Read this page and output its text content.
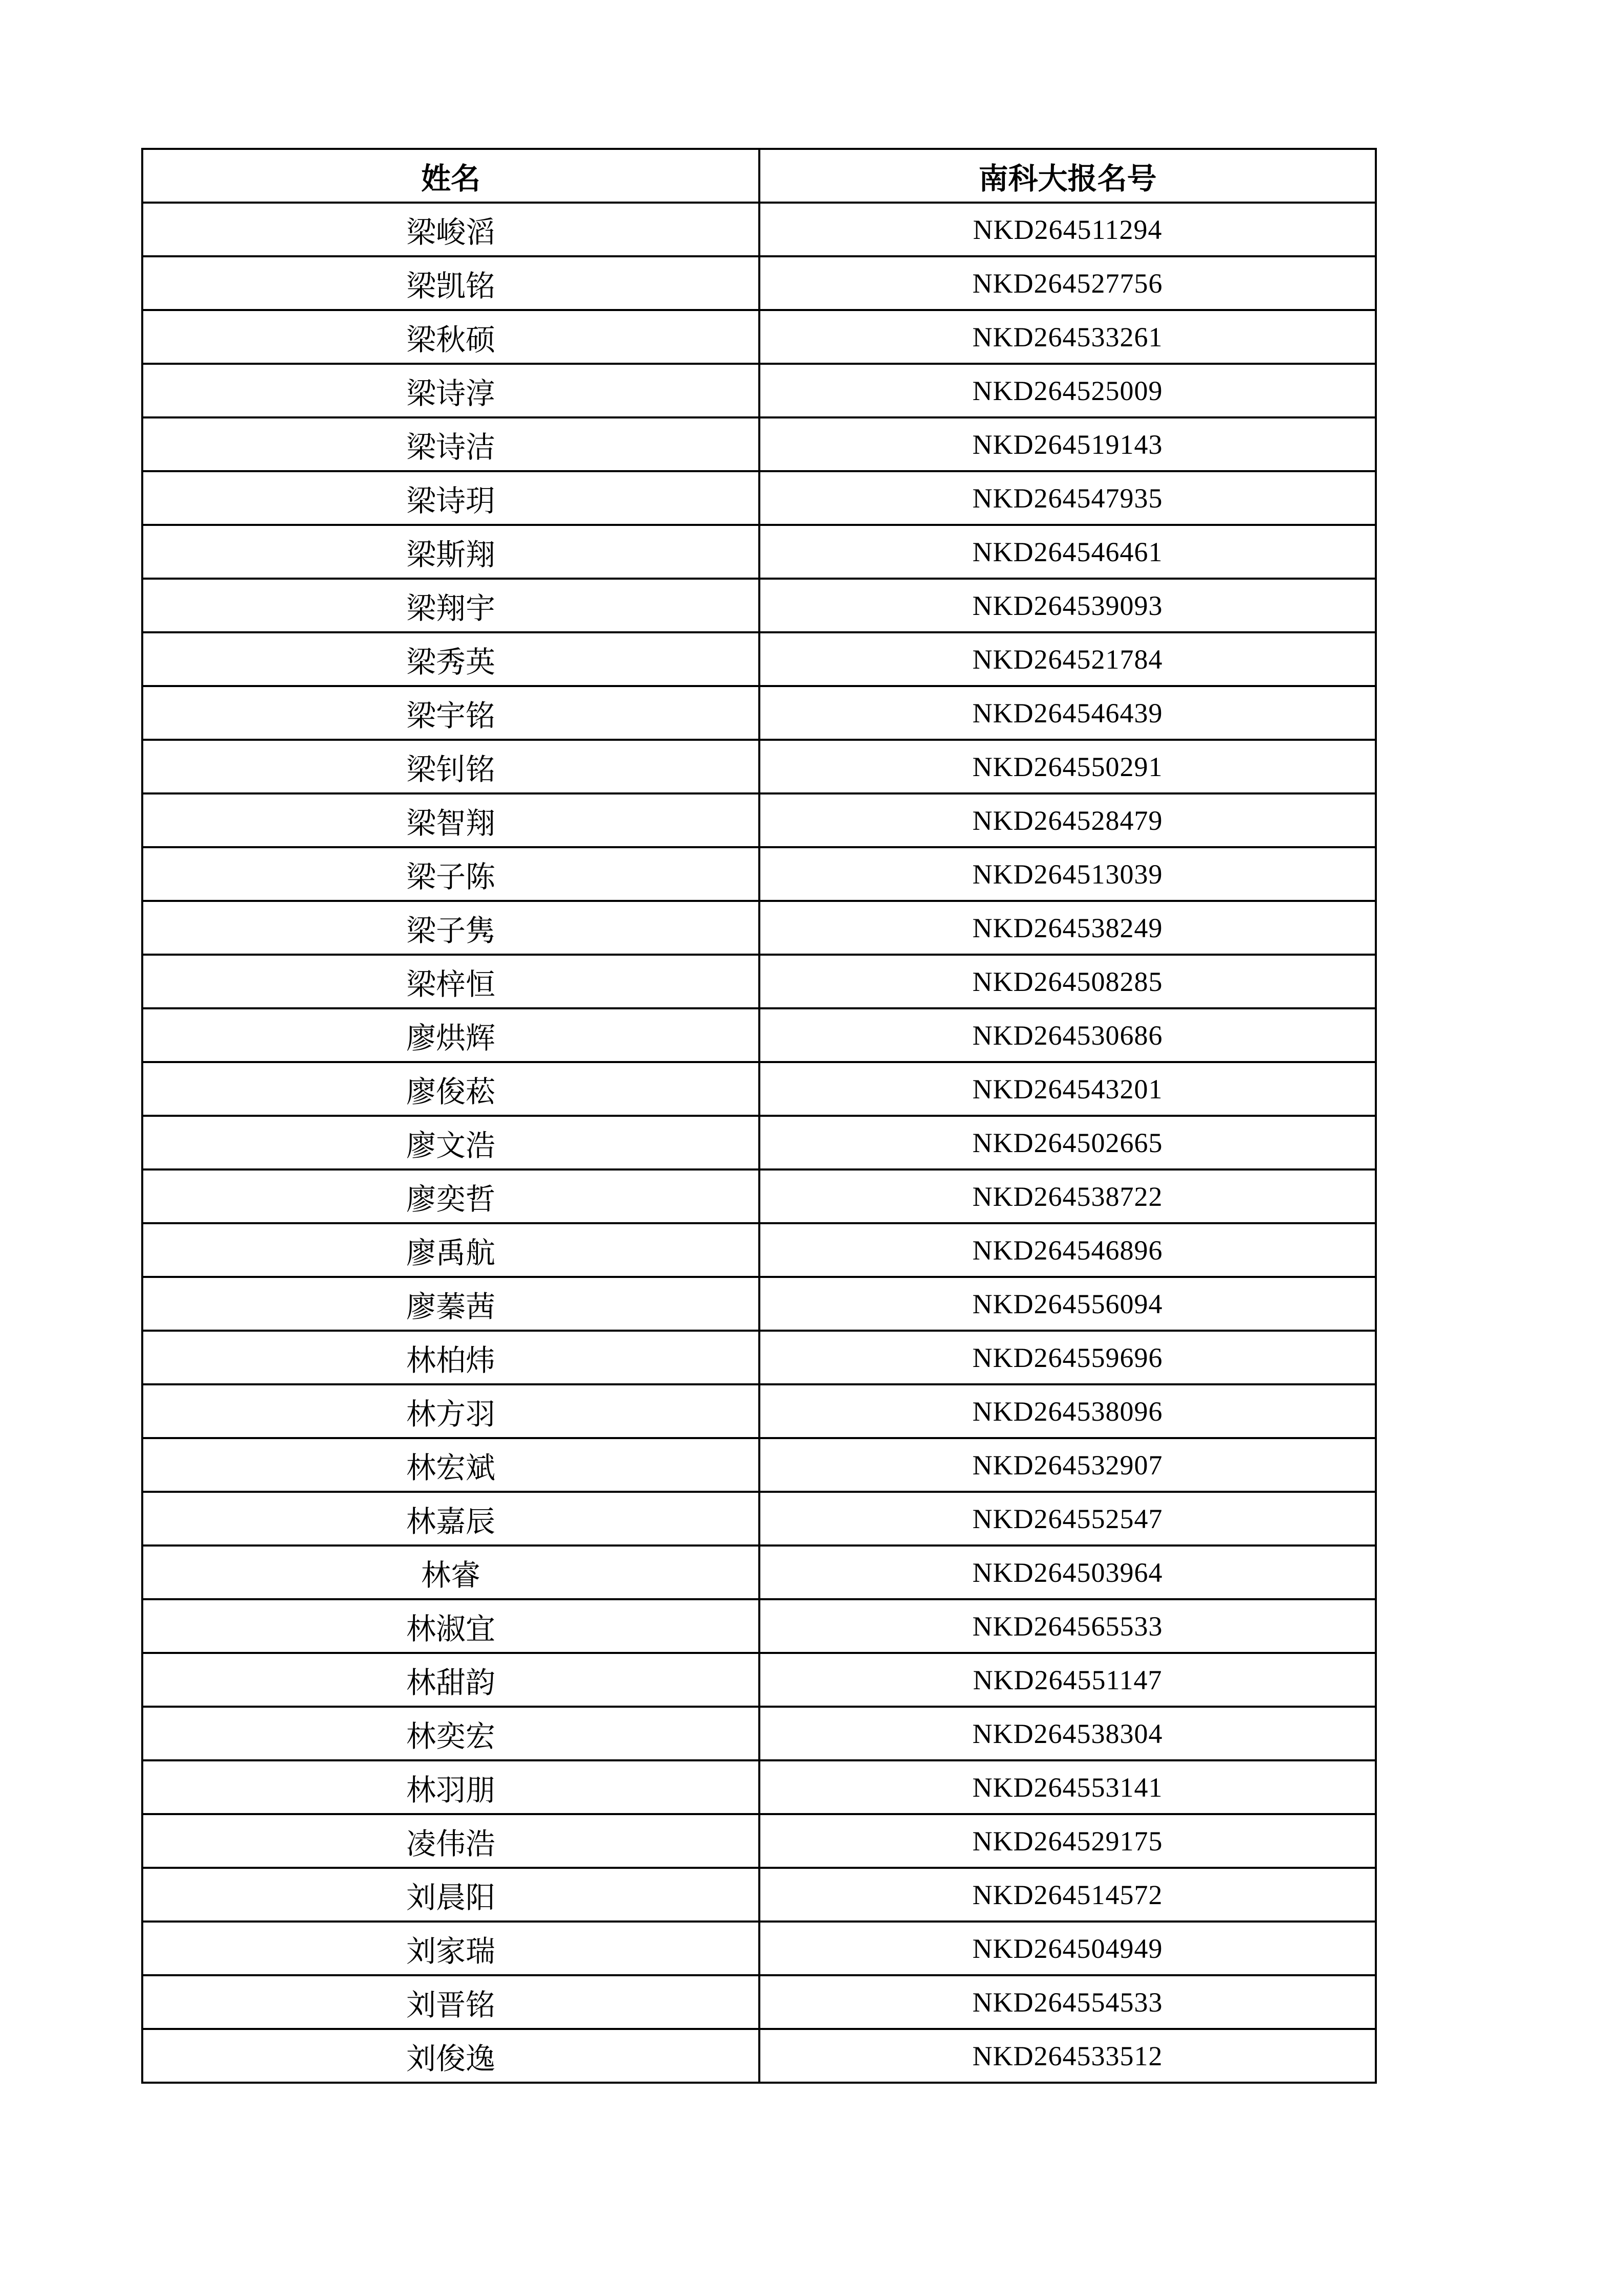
姓名	南科大报名号
梁峻滔	NKD264511294
梁凯铭	NKD264527756
梁秋硕	NKD264533261
梁诗淳	NKD264525009
梁诗洁	NKD264519143
梁诗玥	NKD264547935
梁斯翔	NKD264546461
梁翔宇	NKD264539093
梁秀英	NKD264521784
梁宇铭	NKD264546439
梁钊铭	NKD264550291
梁智翔	NKD264528479
梁子陈	NKD264513039
梁子隽	NKD264538249
梁梓恒	NKD264508285
廖烘辉	NKD264530686
廖俊菘	NKD264543201
廖文浩	NKD264502665
廖奕哲	NKD264538722
廖禹航	NKD264546896
廖蓁茜	NKD264556094
林柏炜	NKD264559696
林方羽	NKD264538096
林宏斌	NKD264532907
林嘉辰	NKD264552547
林睿	NKD264503964
林淑宜	NKD264565533
林甜韵	NKD264551147
林奕宏	NKD264538304
林羽朋	NKD264553141
凌伟浩	NKD264529175
刘晨阳	NKD264514572
刘家瑞	NKD264504949
刘晋铭	NKD264554533
刘俊逸	NKD264533512
